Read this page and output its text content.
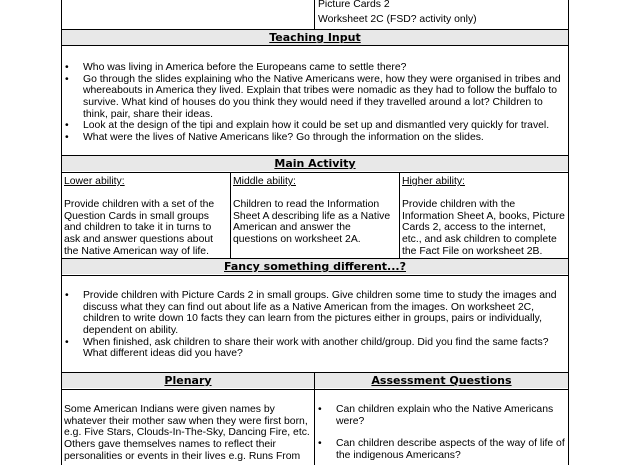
Picture Cards 2
Worksheet 2C (FSD? activity only)
Teaching Input
• Who was living in America before the Europeans came to settle there?
• Go through the slides explaining who the Native Americans were, how they were organised in tribes and whereabouts in America they lived. Explain that tribes were nomadic as they had to follow the buffalo to survive. What kind of houses do you think they would need if they travelled around a lot? Children to think, pair, share their ideas.
• Look at the design of the tipi and explain how it could be set up and dismantled very quickly for travel.
• What were the lives of Native Americans like? Go through the information on the slides.
Main Activity
Lower ability:
Provide children with a set of the Question Cards in small groups and children to take it in turns to ask and answer questions about the Native American way of life.
Middle ability:
Children to read the Information Sheet A describing life as a Native American and answer the questions on worksheet 2A.
Higher ability:
Provide children with the Information Sheet A, books, Picture Cards 2, access to the internet, etc., and ask children to complete the Fact File on worksheet 2B.
Fancy something different...?
• Provide children with Picture Cards 2 in small groups. Give children some time to study the images and discuss what they can find out about life as a Native American from the images. On worksheet 2C, children to write down 10 facts they can learn from the pictures either in groups, pairs or individually, dependent on ability.
• When finished, ask children to share their work with another child/group. Did you find the same facts? What different ideas did you have?
Plenary	Assessment Questions
Some American Indians were given names by whatever their mother saw when they were first born, e.g. Five Stars, Clouds-In-The-Sky, Dancing Fire, etc. Others gave themselves names to reflect their personalities or events in their lives e.g. Runs From
• Can children explain who the Native Americans were?
• Can children describe aspects of the way of life of the indigenous Americans?
